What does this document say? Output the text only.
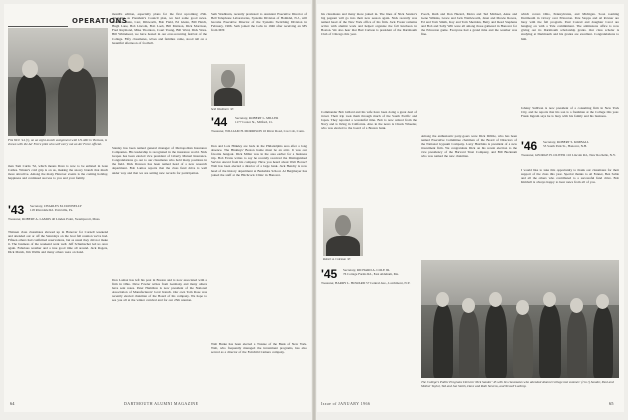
OPERATIONS
Fitz Weir '44 (r), on an eight-month assignment with US AID in Vietnam, is shown with the Air Force pilot who will carry out an Air Force official.
man Tom Curtis '32, which means Dave is now to be enlisted in Gate Cattles. Winter's cold grip is on us, making the snowy branch that much more attractive. Among the many Hanover events is the coming holiday, happiness and continued success to you and your family.
'43 Secretary, CHARLES M. DONNELLY
118 Riverdale Rd. Pottsville, Pa.
Treasurer, ROBERT A. LAMOS 40 Linden Point, Swampscott, Mass.
Thirteen class classmates showed up in Hanover for Cornell weekend and attended our or off the Saturdays on the boat fall reunion we've had. Fifteen others had confirmed reservations, but as usual they did not make it. The business of the weekend went well. Jeff Schumacher led us once again. Fabulous weather and a true good time all around. Jack Rogers, Dick Marsh, Jim Wallis and many others were on hand.
month's edition, especially plans for the first upcoming 25th. Attending as President's Council plan, we had some good news. Gardner Dunn, Carr, Dilsworth, Bob Field, Ed Glenn, Bill Hatch, Hugh Lane, Bob Lincoln, Bob Loeb, Bill Mattson, Dick Morrison, Fred Raymond, Mike Thornton, Court Young, Bill Ward, Dick Ware. Bill Whitehead, we have hosted in our ever-recurring festival of the College. Fifty classmates, wives and families came, stood tall on a beautiful afternoon of football.
Stanley has been named general manager of Metropolitan Insurance Companies. His leadership is recognized in the insurance world. Nick Grapes has been elected vice president of Liberty Mutual Insurance. Congratulations go out to our classmates who hold many positions in the field. Dick Dawson has been named head of a new research department. Bob Lamos reports that the class fund drive is well under way and that we are setting new records for participation.
Don Lomax has left his post in Boston and is now associated with a firm in Ohio. Dave Fowler writes from Germany and many others have sent notes. Peter Hamilton is now president of the National Association of Manufacturers' local branch. Our own Tom Rose was recently elected chairman of the Board of his company. We hope to see you all at the winter carnival and for our 25th reunion.
Seth Washburn, recently promoted to Assistant Executive Director of Bell Telephone Laboratories, Systems Division of Holmdel, N.J., will become Executive Director of the Systems Switching Division in February, 1966. Seth joined the Labs in 1946 after receiving an MS from MIT.
Seth Washburn '43
'44 Secretary, ROBERT L. MILLER
1177 Coster St., Milford, Ct.
Treasurer, WILLIAM H. MORRISON 16 River Road, Cos Cob, Conn.
Don and Lois Hinkley are back in the Philadelphia area after a long absence. The Hinkleys' Boston home must be an attic. It was our favorite hangout. Dick Miller was in the area earlier for a business trip. Bob Evans writes to say he recently received the Distinguished Service Award from his company. Have you heard about Walt Bovee? Walt has been elected a director of a large bank. Jack Hendry is now head of the history department at Berkshire School. Al Bergmeyer has joined the staff at the Hitchcock Clinic in Hanover.
Walt Burke has been elected a Trustee of the Bank of New York. Walt, who frequently managed the investment programs, has also served as a director of the Fairchild Camera company.
64	DARTMOUTH ALUMNI MAGAZINE
his classmates and many more joined in. The lines of Nick Sandor's big pageant will go into their new season again. Nick recently was named head of the New York office of his firm. Jack Foster remains active with alumni work and helped organize the fall luncheon in Boston. We also hear that Bud Carlson is president of the Dartmouth Club of Chicago this year.
Commander Bob Gillard and his wife have been doing a great deal of travel. Their trip took them through much of the South Pacific and Japan. They reported a wonderful time. Bob is now retired from the Navy and is living in California. Also in the news is Chuck Wheeler, who was elected to the board of a Boston bank.
Robert A. Coleman '43
'45 Secretary, RICHARD A. COLE JR.
76 Cottage Farms Rd., East Aldeham, Me.
Treasurer, HARRY L. HOWARD 57 Central Ave., Larchmont, N.Y.
Pooch, Ruth and Don Hazard, Moira and Ted Michael, Anne and Gene Wilkins, Grace and Jack Wattleworth, Janet and Mowie Rowes, Ed and Tom Smith, Kay and Tom Sheridan, Betty and Reed Stephens and Bob and Sally Wilt were all among those gathered in Hanover for the Princeton game. Everyone had a grand time and the weather was fine.
Among the enthusiastic party-goers were Dick Dibble, who has been named Executive Committee chairman of the Board of Directors of the National Gypsum Company. Larry Hutchins is president of a new investment firm. We congratulate Dick on his recent election to the vice presidency of the Harvard Trust Company, and Bill Bucknam who was named the new chairman.
which covers Ohio, Pennsylvania, and Michigan. Soon roaming Dartmouth in victory over Princeton. Pete Stopps and Al Rovner are busy with the fall program. Paul Conrad and daughter Carol are hanging on with a Yale commitment. The admissions office is now giving out its Dartmouth scholarship grants. Our class scholar is studying at Dartmouth and his grades are excellent. Congratulations to him.
Johnny Sullivan is now president of a consulting firm in New York City, and he reports that his son is a freshman at the College this year. Frank Ingram says he is busy with his family and his business.
'46 Secretary, ROBERT S. KIMBALL
53 South Park St., Hanover, N.H.
Treasurer, GEORGE H. OLIVER 116 Lincoln Rd., New Rochelle, N.Y.
I would like to take this opportunity to thank our classmates for their support of the class this year. Special thanks to Al Fenner, Ben Sable and all the others who contributed to a successful fund drive. Bob Kimball is always happy to hear news from all of you.
The College's Public Programs Director Nick Sandor '45 with his classmates who attended Alumni College last summer: (l to r) Sandor, Paul and Mother Taylor, Ted and Jan Smith, Dave and Ruth Stevens, and Newell Lathrop.
Issue of JANUARY 1966	65
